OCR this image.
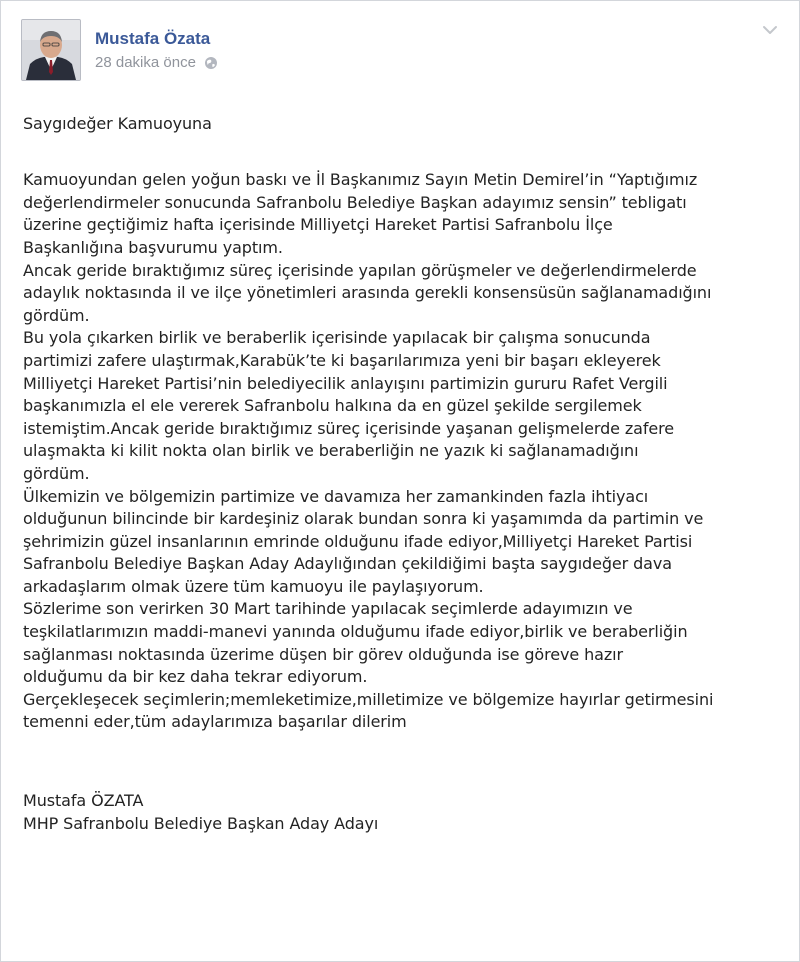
Mustafa Özata
28 dakika önce

Saygıdeğer Kamuoyuna

Kamuoyundan gelen yoğun baskı ve İl Başkanımız Sayın Metin Demirel’in “Yaptığımız

değerlendirmeler sonucunda Safranbolu Belediye Başkan adayımız sensin” tebligatı

üzerine geçtiğimiz hafta içerisinde Milliyetçi Hareket Partisi Safranbolu İlçe

Başkanlığına başvurumu yaptım.

Ancak geride bıraktığımız süreç içerisinde yapılan görüşmeler ve değerlendirmelerde

adaylık noktasında il ve ilçe yönetimleri arasında gerekli konsensüsün sağlanamadığını

gördüm.

Bu yola çıkarken birlik ve beraberlik içerisinde yapılacak bir çalışma sonucunda

partimizi zafere ulaştırmak,Karabük’te ki başarılarımıza yeni bir başarı ekleyerek

Milliyetçi Hareket Partisi’nin belediyecilik anlayışını partimizin gururu Rafet Vergili

başkanımızla el ele vererek Safranbolu halkına da en güzel şekilde sergilemek

istemiştim.Ancak geride bıraktığımız süreç içerisinde yaşanan gelişmelerde zafere

ulaşmakta ki kilit nokta olan birlik ve beraberliğin ne yazık ki sağlanamadığını

gördüm.

Ülkemizin ve bölgemizin partimize ve davamıza her zamankinden fazla ihtiyacı

olduğunun bilincinde bir kardeşiniz olarak bundan sonra ki yaşamımda da partimin ve

şehrimizin güzel insanlarının emrinde olduğunu ifade ediyor,Milliyetçi Hareket Partisi

Safranbolu Belediye Başkan Aday Adaylığından çekildiğimi başta saygıdeğer dava

arkadaşlarım olmak üzere tüm kamuoyu ile paylaşıyorum.

Sözlerime son verirken 30 Mart tarihinde yapılacak seçimlerde adayımızın ve

teşkilatlarımızın maddi-manevi yanında olduğumu ifade ediyor,birlik ve beraberliğin

sağlanması noktasında üzerime düşen bir görev olduğunda ise göreve hazır

olduğumu da bir kez daha tekrar ediyorum.

Gerçekleşecek seçimlerin;memleketimize,milletimize ve bölgemize hayırlar getirmesini

temenni eder,tüm adaylarımıza başarılar dilerim

Mustafa ÖZATA

MHP Safranbolu Belediye Başkan Aday Adayı
